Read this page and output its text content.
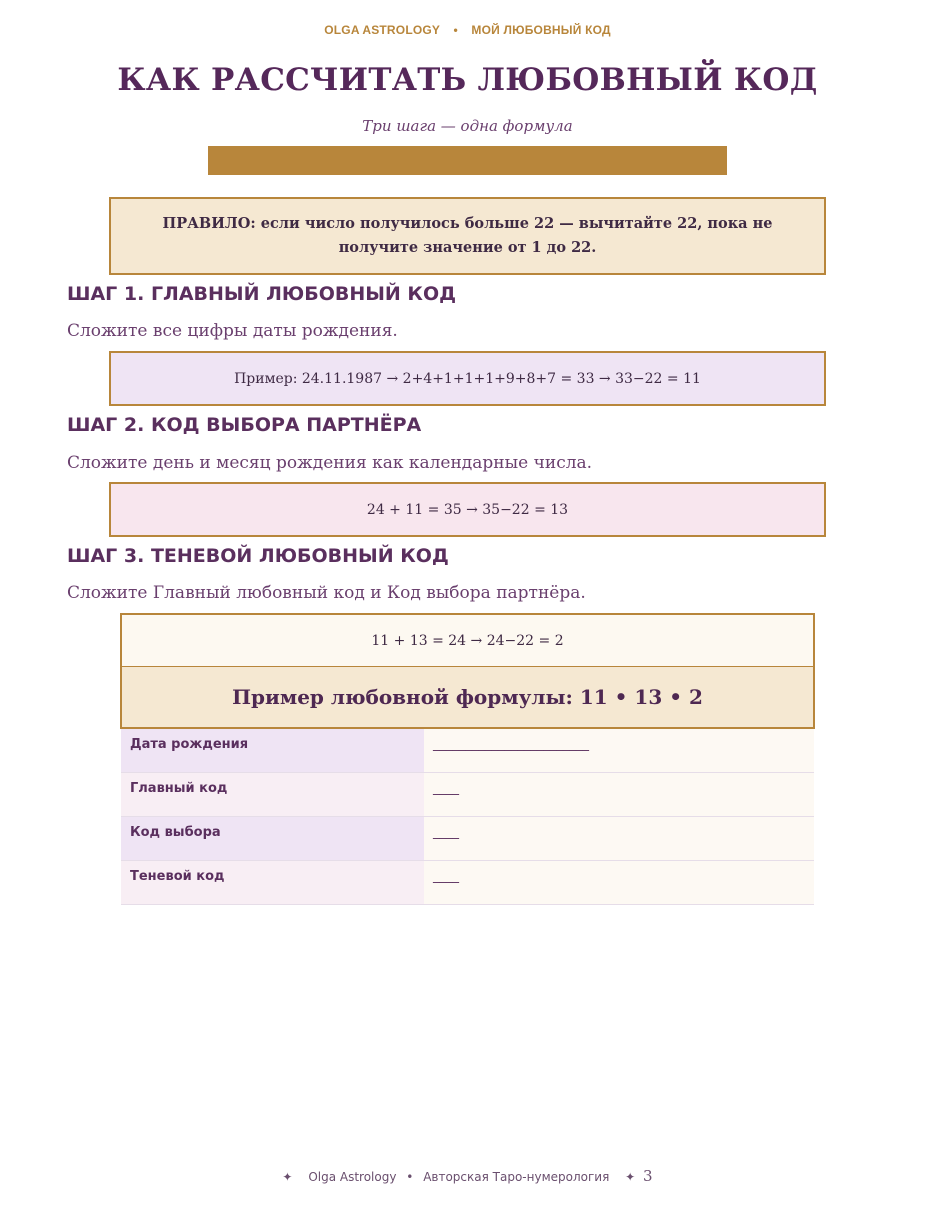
OLGA ASTROLOGY • МОЙ ЛЮБОВНЫЙ КОД
КАК РАССЧИТАТЬ ЛЮБОВНЫЙ КОД
Три шага — одна формула
ПРАВИЛО: если число получилось больше 22 — вычитайте 22, пока не получите значение от 1 до 22.
ШАГ 1. ГЛАВНЫЙ ЛЮБОВНЫЙ КОД
Сложите все цифры даты рождения.
Пример: 24.11.1987 → 2+4+1+1+1+9+8+7 = 33 → 33−22 = 11
ШАГ 2. КОД ВЫБОРА ПАРТНЁРА
Сложите день и месяц рождения как календарные числа.
24 + 11 = 35 → 35−22 = 13
ШАГ 3. ТЕНЕВОЙ ЛЮБОВНЫЙ КОД
Сложите Главный любовный код и Код выбора партнёра.
11 + 13 = 24 → 24−22 = 2
Пример любовной формулы: 11 • 13 • 2
Дата рождения	________________________
Главный код	____
Код выбора	____
Теневой код	____
✦ Olga Astrology • Авторская Таро-нумерология ✦ 3
